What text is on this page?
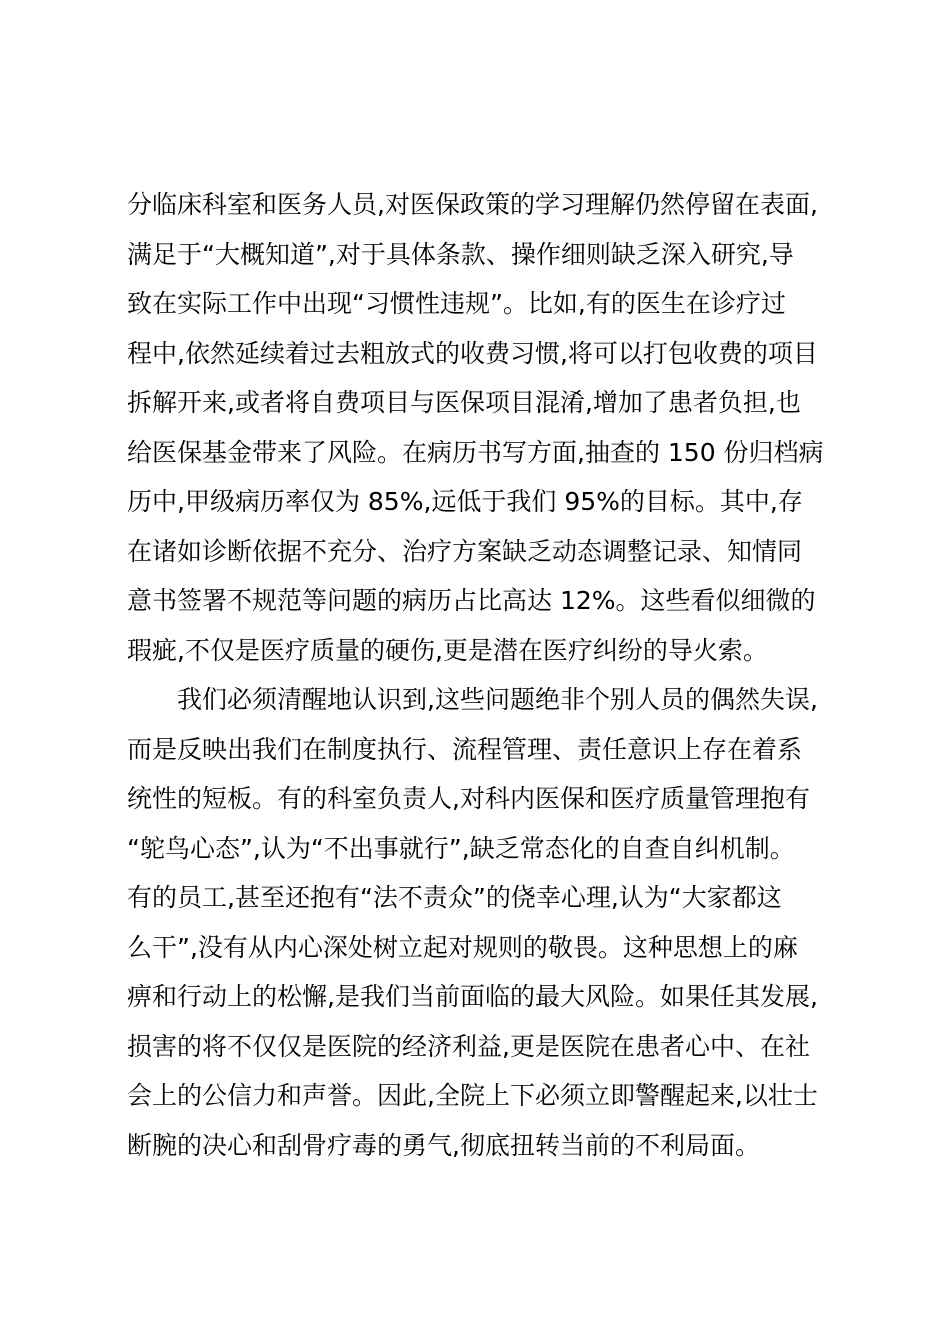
分临床科室和医务人员,对医保政策的学习理解仍然停留在表面,

满足于“大概知道”,对于具体条款、操作细则缺乏深入研究,导

致在实际工作中出现“习惯性违规”。比如,有的医生在诊疗过

程中,依然延续着过去粗放式的收费习惯,将可以打包收费的项目

拆解开来,或者将自费项目与医保项目混淆,增加了患者负担,也

给医保基金带来了风险。在病历书写方面,抽查的 150 份归档病

历中,甲级病历率仅为 85%,远低于我们 95%的目标。其中,存

在诸如诊断依据不充分、治疗方案缺乏动态调整记录、知情同

意书签署不规范等问题的病历占比高达 12%。这些看似细微的

瑕疵,不仅是医疗质量的硬伤,更是潜在医疗纠纷的导火索。

我们必须清醒地认识到,这些问题绝非个别人员的偶然失误,

而是反映出我们在制度执行、流程管理、责任意识上存在着系

统性的短板。有的科室负责人,对科内医保和医疗质量管理抱有

“鸵鸟心态”,认为“不出事就行”,缺乏常态化的自查自纠机制。

有的员工,甚至还抱有“法不责众”的侥幸心理,认为“大家都这

么干”,没有从内心深处树立起对规则的敬畏。这种思想上的麻

痹和行动上的松懈,是我们当前面临的最大风险。如果任其发展,

损害的将不仅仅是医院的经济利益,更是医院在患者心中、在社

会上的公信力和声誉。因此,全院上下必须立即警醒起来,以壮士

断腕的决心和刮骨疗毒的勇气,彻底扭转当前的不利局面。
